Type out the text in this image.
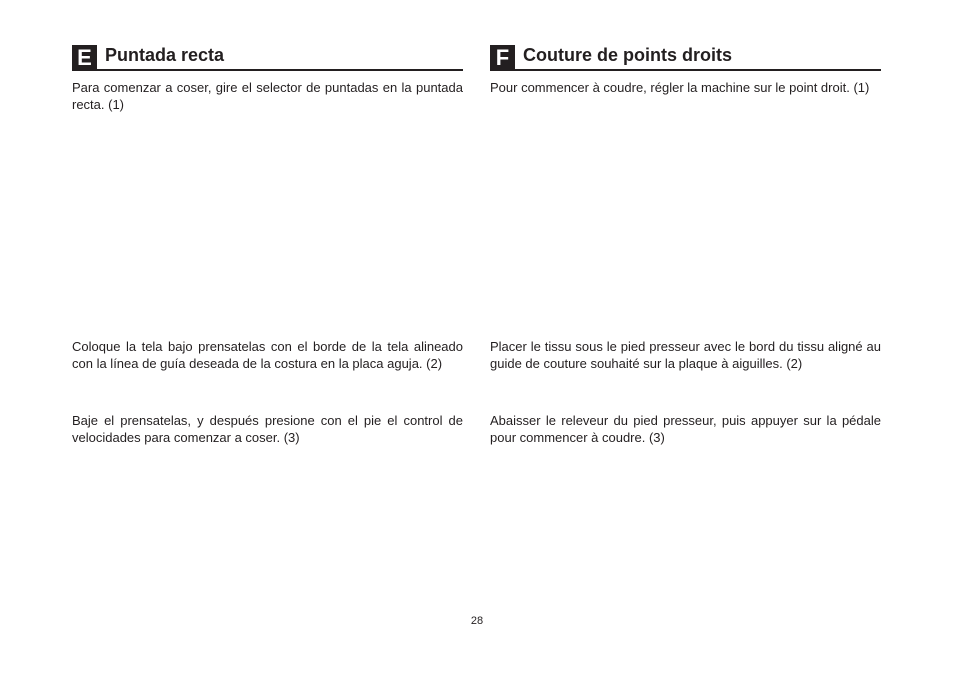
E Puntada recta

Para comenzar a coser, gire el selector de puntadas en la puntada recta. (1)

Coloque la tela bajo prensatelas con el borde de la tela alineado con la línea de guía deseada de la costura en la placa aguja. (2)

Baje el prensatelas, y después presione con el pie el control de velocidades para comenzar a coser. (3)

F Couture de points droits

Pour commencer à coudre, régler la machine sur le point droit. (1)

Placer le tissu sous le pied presseur avec le bord du tissu aligné au guide de couture souhaité sur la plaque à aiguilles. (2)

Abaisser le releveur du pied presseur, puis appuyer sur la pédale pour commencer à coudre. (3)

28
